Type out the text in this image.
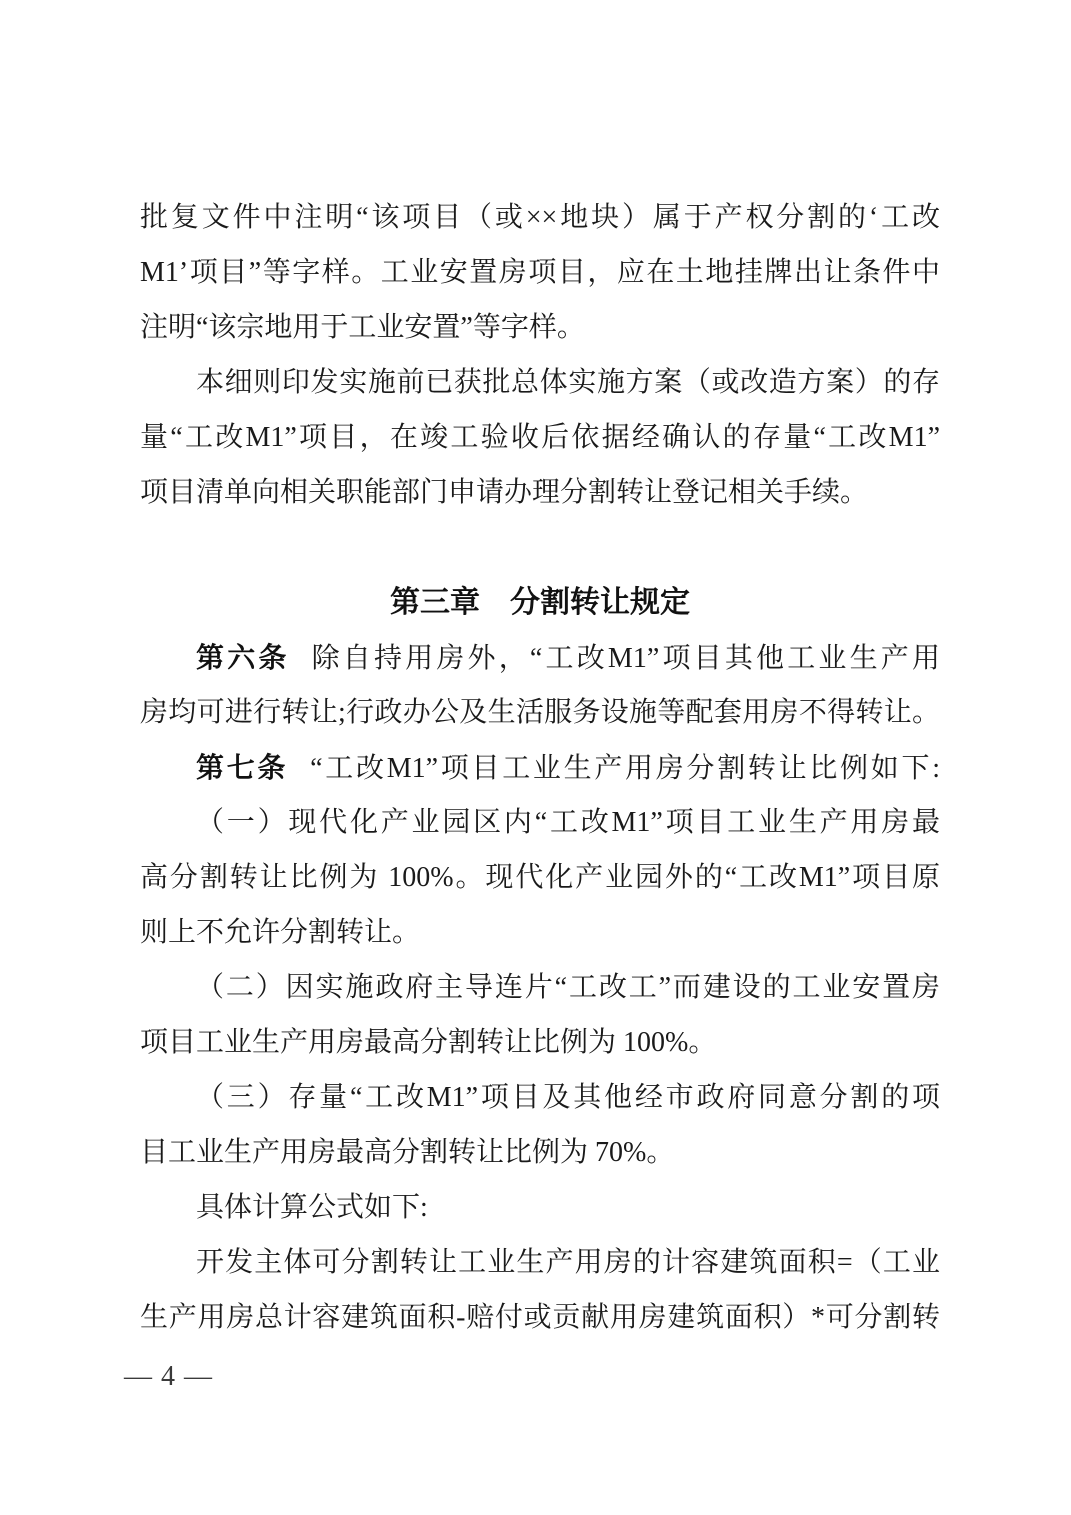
批复文件中注明“该项目（或××地块）属于产权分割的‘工改
M1’项目”等字样。工业安置房项目，应在土地挂牌出让条件中
注明“该宗地用于工业安置”等字样。
本细则印发实施前已获批总体实施方案（或改造方案）的存
量“工改M1”项目，在竣工验收后依据经确认的存量“工改M1”
项目清单向相关职能部门申请办理分割转让登记相关手续。
第三章　分割转让规定
第六条 除自持用房外，“工改M1”项目其他工业生产用
房均可进行转让;行政办公及生活服务设施等配套用房不得转让。
第七条 “工改M1”项目工业生产用房分割转让比例如下:
（一）现代化产业园区内“工改M1”项目工业生产用房最
高分割转让比例为 100%。现代化产业园外的“工改M1”项目原
则上不允许分割转让。
（二）因实施政府主导连片“工改工”而建设的工业安置房
项目工业生产用房最高分割转让比例为 100%。
（三）存量“工改M1”项目及其他经市政府同意分割的项
目工业生产用房最高分割转让比例为 70%。
具体计算公式如下:
开发主体可分割转让工业生产用房的计容建筑面积=（工业
生产用房总计容建筑面积-赔付或贡献用房建筑面积）*可分割转
— 4 —
